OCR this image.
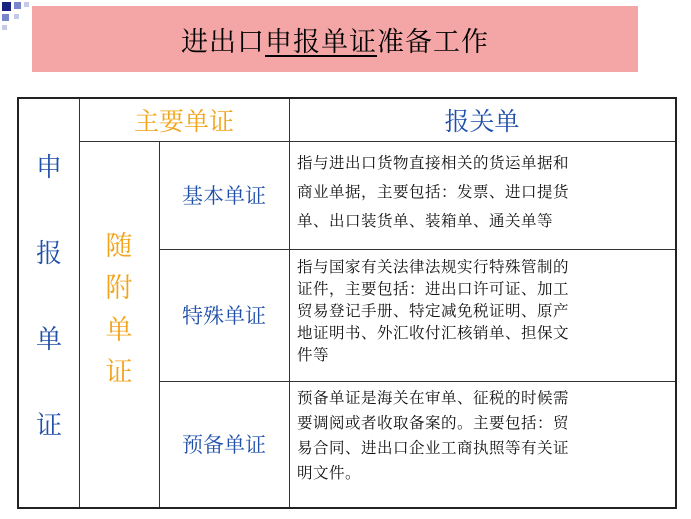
进出口申报单证准备工作
申
报
单
证
主要单证	报关单
随
附
单
证
基本单证
指与进出口货物直接相关的货运单据和
商业单据，主要包括：发票、进口提货
单、出口装货单、装箱单、通关单等
特殊单证
指与国家有关法律法规实行特殊管制的
证件，主要包括：进出口许可证、加工
贸易登记手册、特定减免税证明、原产
地证明书、外汇收付汇核销单、担保文
件等
预备单证
预备单证是海关在审单、征税的时候需
要调阅或者收取备案的。主要包括：贸
易合同、进出口企业工商执照等有关证
明文件。
